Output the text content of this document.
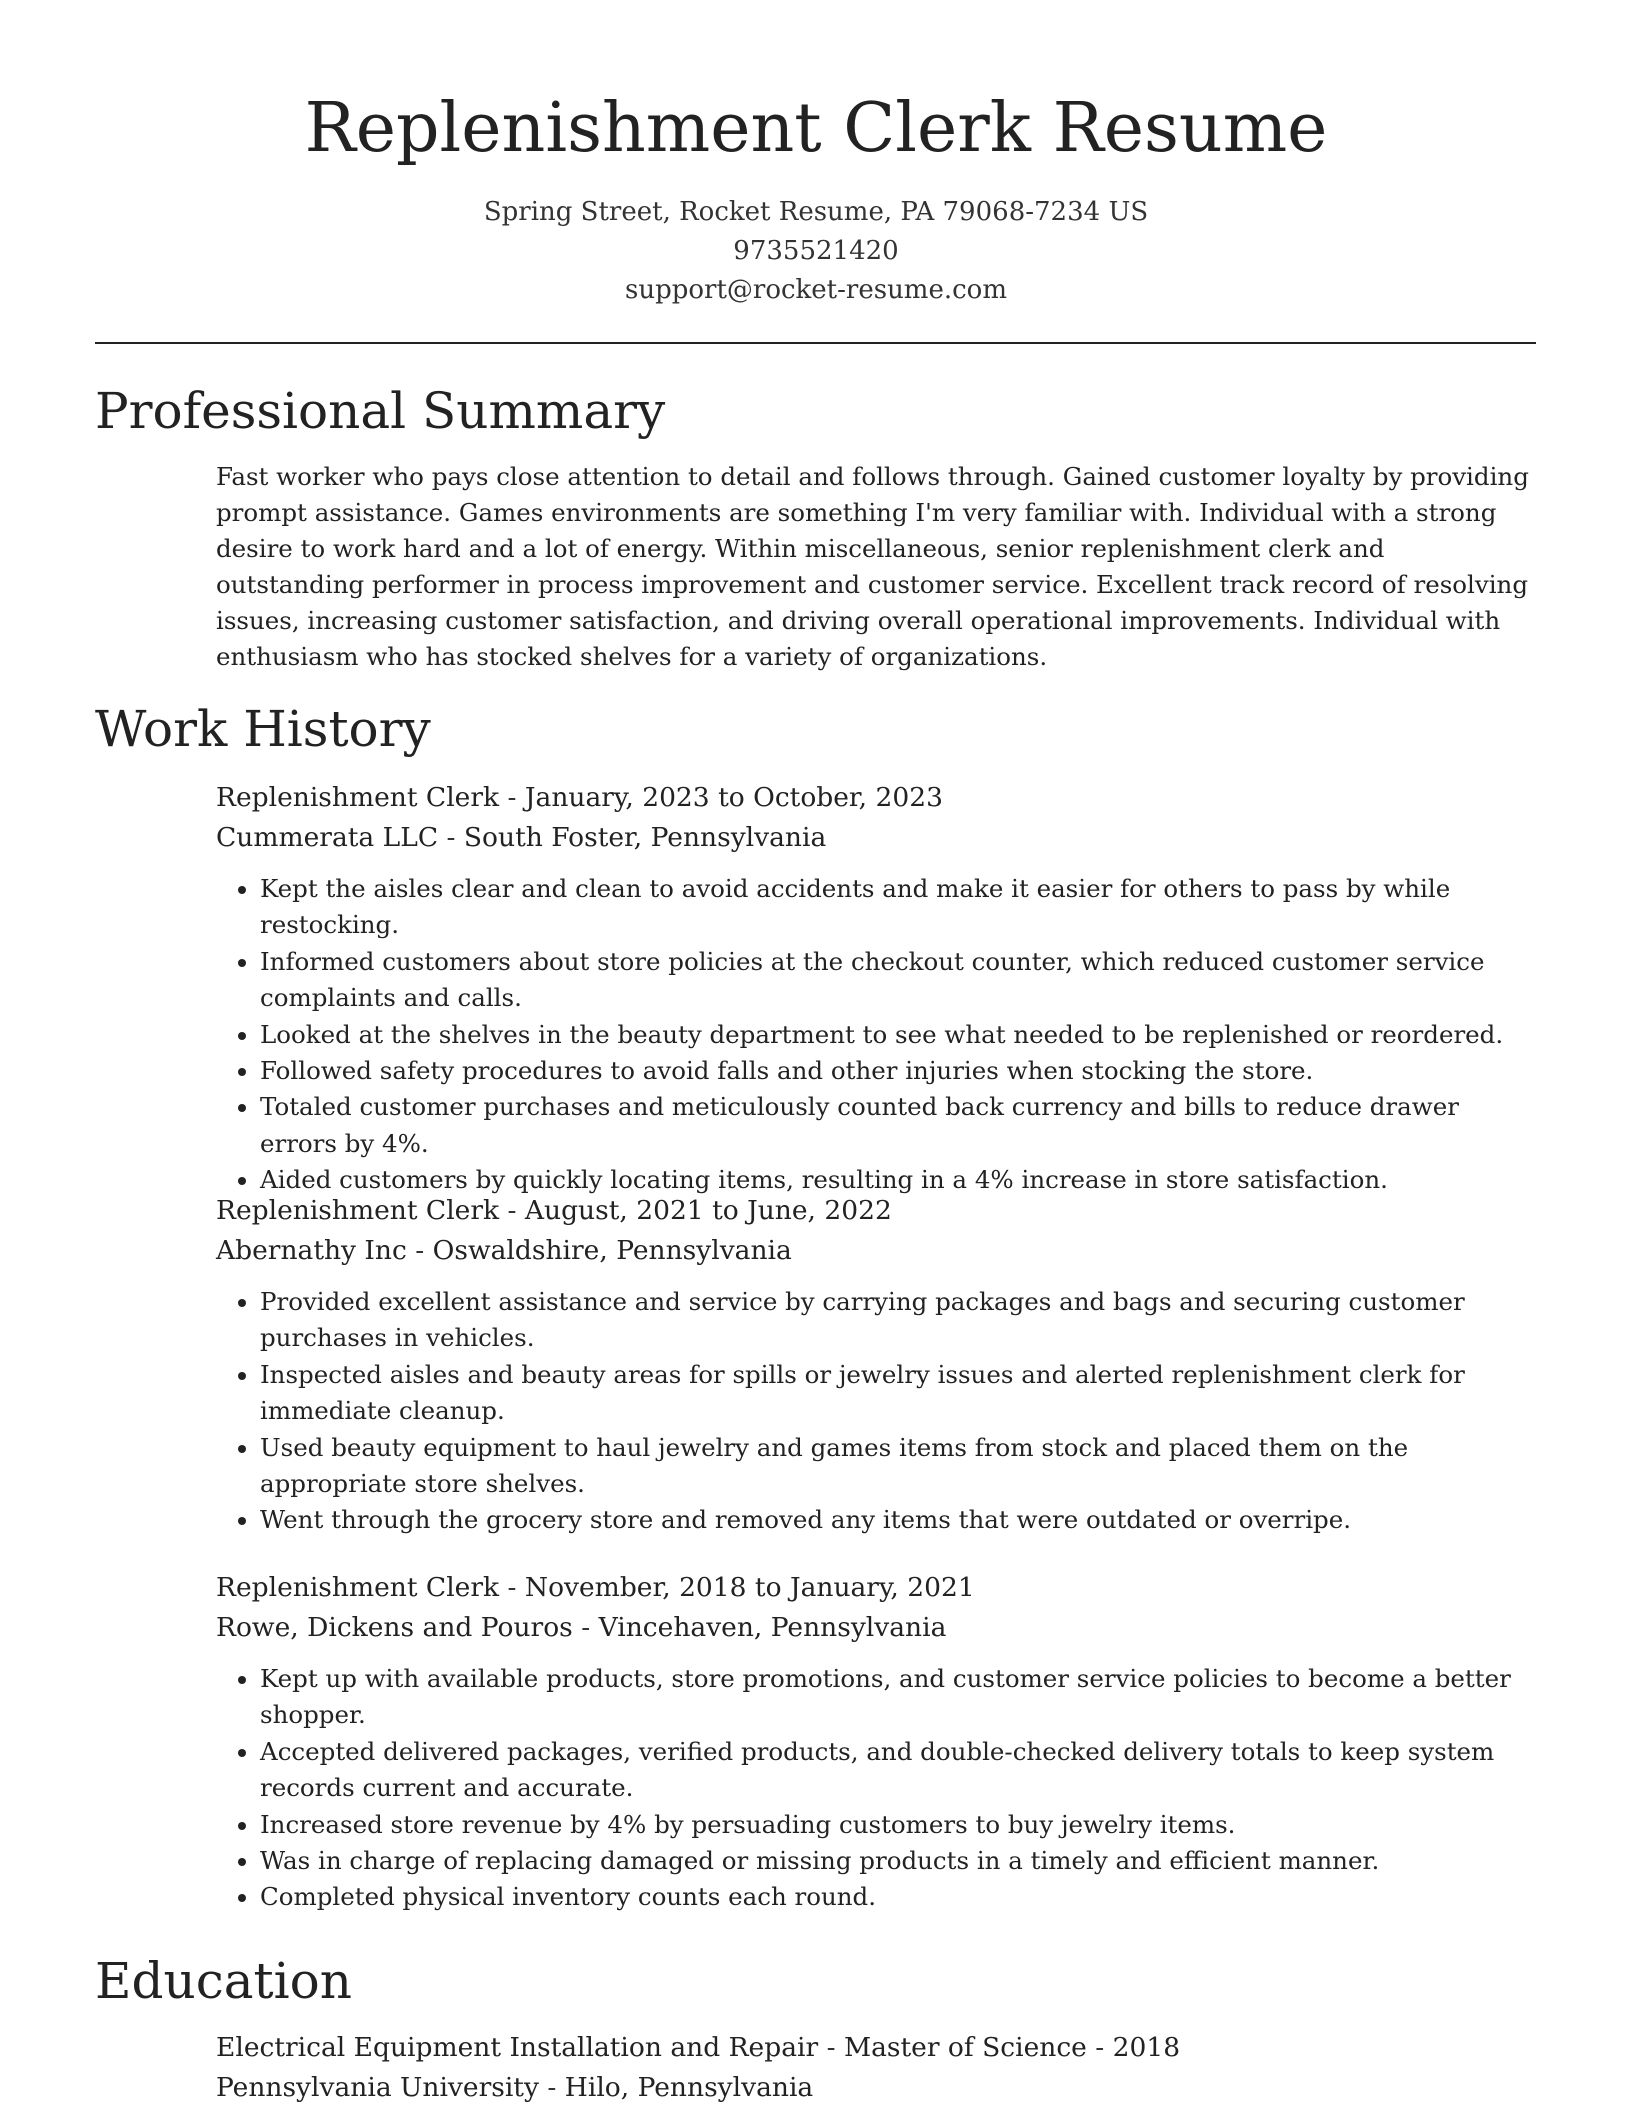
Replenishment Clerk Resume
Spring Street, Rocket Resume, PA 79068-7234 US
9735521420
support@rocket-resume.com
Professional Summary
Fast worker who pays close attention to detail and follows through. Gained customer loyalty by providing prompt assistance. Games environments are something I'm very familiar with. Individual with a strong desire to work hard and a lot of energy. Within miscellaneous, senior replenishment clerk and outstanding performer in process improvement and customer service. Excellent track record of resolving issues, increasing customer satisfaction, and driving overall operational improvements. Individual with enthusiasm who has stocked shelves for a variety of organizations.
Work History
Replenishment Clerk - January, 2023 to October, 2023
Cummerata LLC - South Foster, Pennsylvania
• Kept the aisles clear and clean to avoid accidents and make it easier for others to pass by while restocking.
• Informed customers about store policies at the checkout counter, which reduced customer service complaints and calls.
• Looked at the shelves in the beauty department to see what needed to be replenished or reordered.
• Followed safety procedures to avoid falls and other injuries when stocking the store.
• Totaled customer purchases and meticulously counted back currency and bills to reduce drawer errors by 4%.
• Aided customers by quickly locating items, resulting in a 4% increase in store satisfaction.
Replenishment Clerk - August, 2021 to June, 2022
Abernathy Inc - Oswaldshire, Pennsylvania
• Provided excellent assistance and service by carrying packages and bags and securing customer purchases in vehicles.
• Inspected aisles and beauty areas for spills or jewelry issues and alerted replenishment clerk for immediate cleanup.
• Used beauty equipment to haul jewelry and games items from stock and placed them on the appropriate store shelves.
• Went through the grocery store and removed any items that were outdated or overripe.
Replenishment Clerk - November, 2018 to January, 2021
Rowe, Dickens and Pouros - Vincehaven, Pennsylvania
• Kept up with available products, store promotions, and customer service policies to become a better shopper.
• Accepted delivered packages, verified products, and double-checked delivery totals to keep system records current and accurate.
• Increased store revenue by 4% by persuading customers to buy jewelry items.
• Was in charge of replacing damaged or missing products in a timely and efficient manner.
• Completed physical inventory counts each round.
Education
Electrical Equipment Installation and Repair - Master of Science - 2018
Pennsylvania University - Hilo, Pennsylvania
